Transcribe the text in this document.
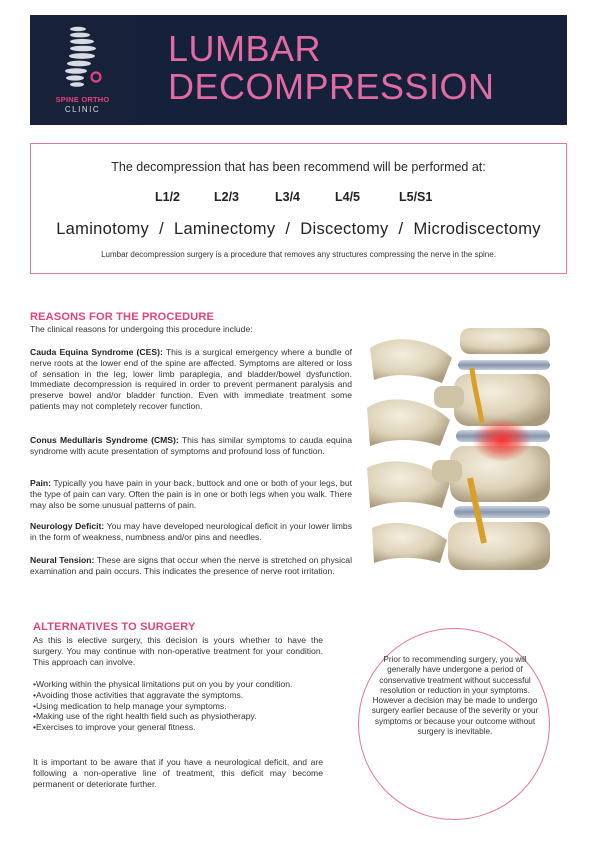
SPINE ORTHO
CLINIC
LUMBAR
DECOMPRESSION
The decompression that has been recommend will be performed at:
L1/2	L2/3	L3/4	L4/5	L5/S1
Laminotomy / Laminectomy / Discectomy / Microdiscectomy
Lumbar decompression surgery is a procedure that removes any structures compressing the nerve in the spine.
REASONS FOR THE PROCEDURE
The clinical reasons for undergoing this procedure include:
Cauda Equina Syndrome (CES): This is a surgical emergency where a bundle of nerve roots at the lower end of the spine are affected. Symptoms are altered or loss of sensation in the leg, lower limb paraplegia, and bladder/bowel dysfunction. Immediate decompression is required in order to prevent permanent paralysis and preserve bowel and/or bladder function. Even with immediate treatment some patients may not completely recover function.
Conus Medullaris Syndrome (CMS): This has similar symptoms to cauda equina syndrome with acute presentation of symptoms and profound loss of function.
Pain: Typically you have pain in your back, buttock and one or both of your legs, but the type of pain can vary. Often the pain is in one or both legs when you walk. There may also be some unusual patterns of pain.
Neurology Deficit: You may have developed neurological deficit in your lower limbs in the form of weakness, numbness and/or pins and needles.
Neural Tension: These are signs that occur when the nerve is stretched on physical examination and pain occurs. This indicates the presence of nerve root irritation.
ALTERNATIVES TO SURGERY
As this is elective surgery, this decision is yours whether to have the surgery. You may continue with non-operative treatment for your condition. This approach can involve.
•Working within the physical limitations put on you by your condition.
•Avoiding those activities that aggravate the symptoms.
•Using medication to help manage your symptoms.
•Making use of the right health field such as physiotherapy.
•Exercises to improve your general fitness.
It is important to be aware that if you have a neurological deficit, and are following a non-operative line of treatment, this deficit may become permanent or deteriorate further.
Prior to recommending surgery, you will generally have undergone a period of conservative treatment without successful resolution or reduction in your symptoms. However a decision may be made to undergo surgery earlier because of the severity or your symptoms or because your outcome without surgery is inevitable.
